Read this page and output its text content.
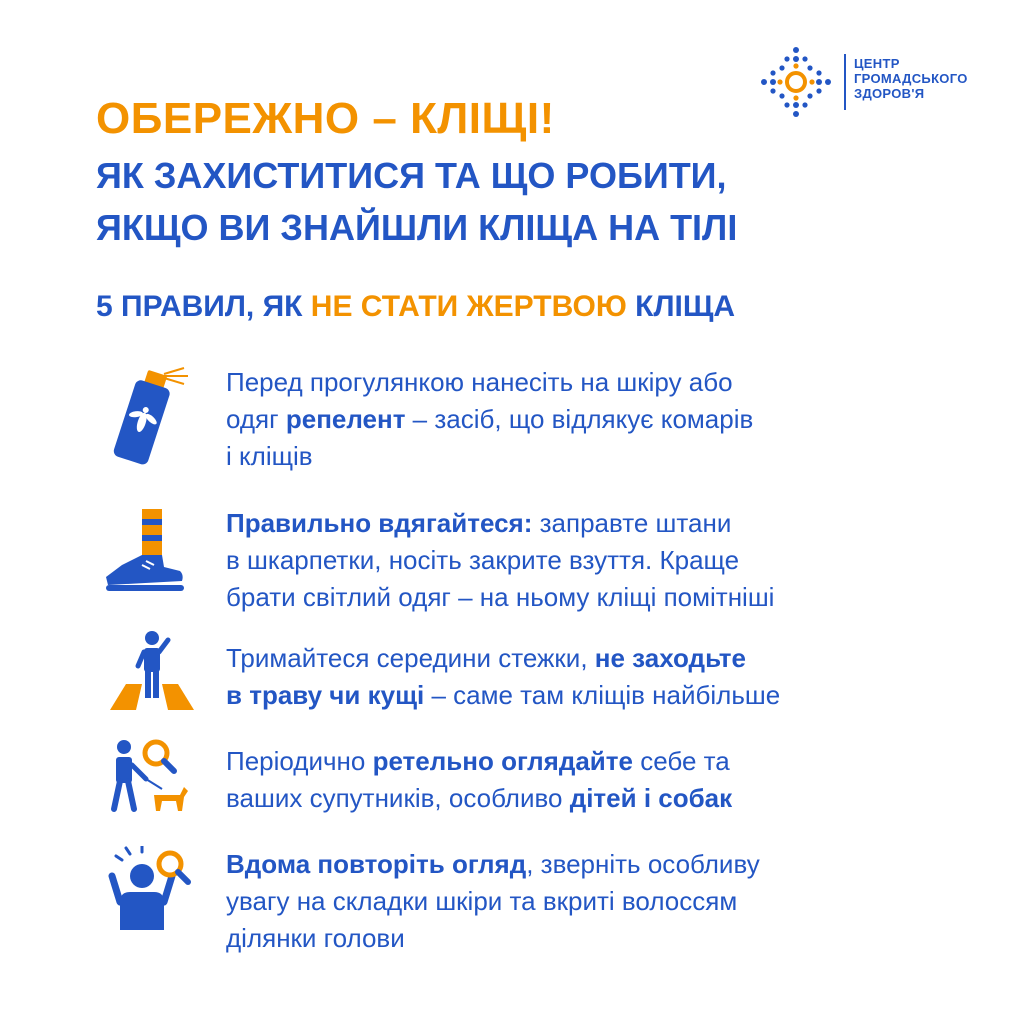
ЦЕНТР
ГРОМАДСЬКОГО
ЗДОРОВ'Я
ОБЕРЕЖНО – КЛІЩІ!
ЯК ЗАХИСТИТИСЯ ТА ЩО РОБИТИ,
ЯКЩО ВИ ЗНАЙШЛИ КЛІЩА НА ТІЛІ
5 ПРАВИЛ, ЯК НЕ СТАТИ ЖЕРТВОЮ КЛІЩА
Перед прогулянкою нанесіть на шкіру або
одяг репелент – засіб, що відлякує комарів
і кліщів
Правильно вдягайтеся: заправте штани
в шкарпетки, носіть закрите взуття. Краще
брати світлий одяг – на ньому кліщі помітніші
Тримайтеся середини стежки, не заходьте
в траву чи кущі – саме там кліщів найбільше
Періодично ретельно оглядайте себе та
ваших супутників, особливо дітей і собак
Вдома повторіть огляд, зверніть особливу
увагу на складки шкіри та вкриті волоссям
ділянки голови
